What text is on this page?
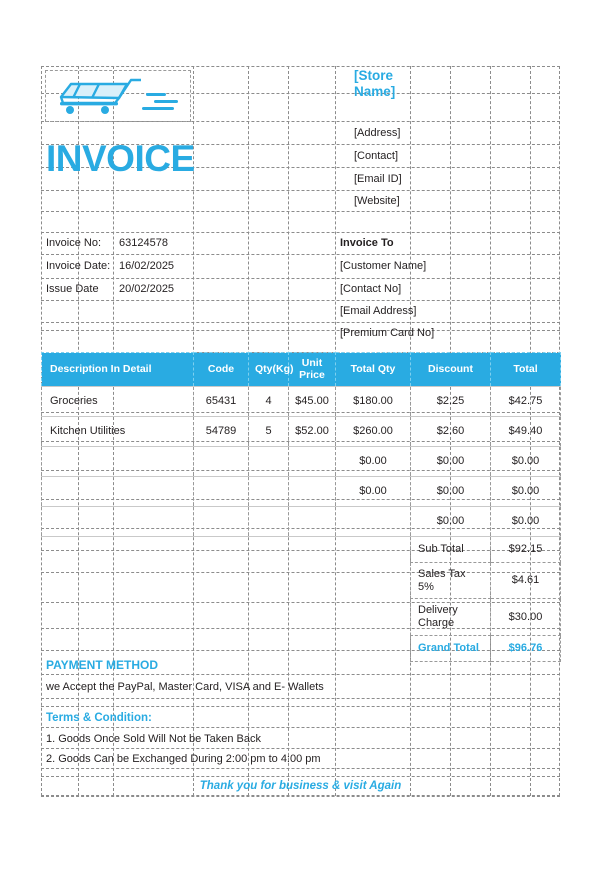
INVOICE
[Store Name]
[Address]
[Contact]
[Email ID]
[Website]
Invoice No:	63124578
Invoice Date: 16/02/2025
Issue Date	20/02/2025
Invoice To
[Customer Name]
[Contact No]
[Email Address]
[Premium Card No]
Description In Detail	Code	Qty(Kg)	Unit Price	Total Qty	Discount	Total
Groceries	65431	4	$45.00	$180.00	$2.25	$42.75
Kitchen Utilities	54789	5	$52.00	$260.00	$2.60	$49.40
				$0.00	$0.00	$0.00
				$0.00	$0.00	$0.00
					$0.00	$0.00
					Sub Total	$92.15
					Sales Tax 5%	$4.61
					Delivery Charge	$30.00
					Grand Total	$96.76
PAYMENT METHOD
we Accept the PayPal, Master Card, VISA and E- Wallets
Terms & Condition:
1. Goods Once Sold Will Not be Taken Back
2. Goods Can be Exchanged During 2:00 pm to 4:00 pm
Thank you for business & visit Again
